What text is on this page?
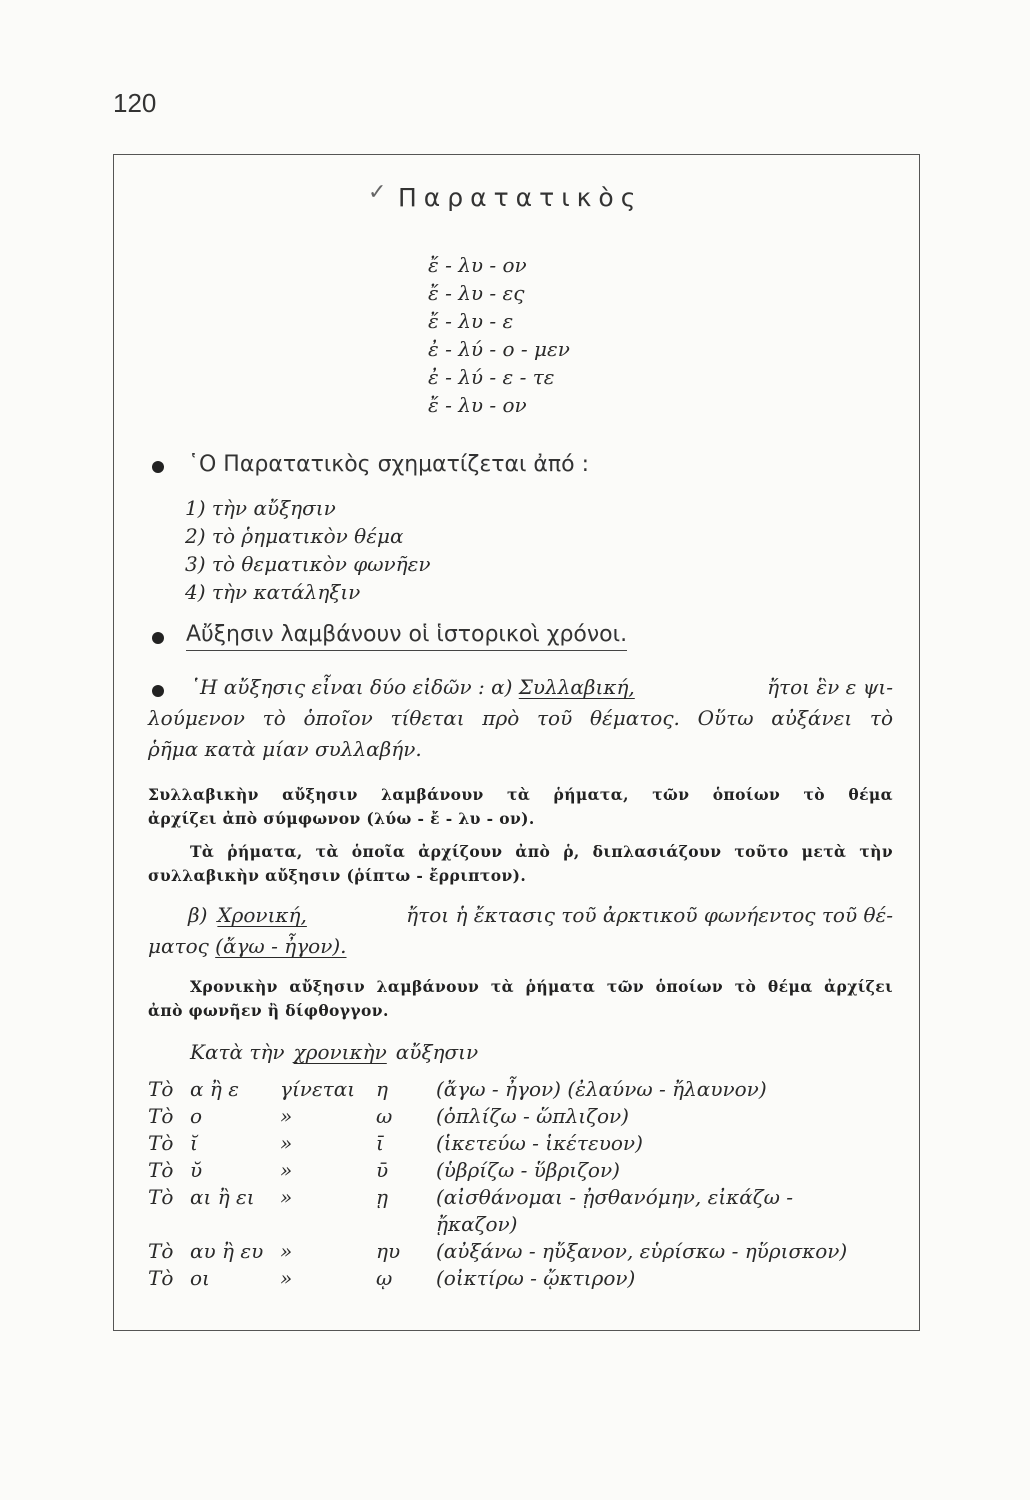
120
✓ Παρατατικὸς
ἔ - λυ - ον
ἔ - λυ - ες
ἔ - λυ - ε
ἐ - λύ - ο - μεν
ἐ - λύ - ε - τε
ἔ - λυ - ον
῾Ο Παρατατικὸς σχηματίζεται ἀπό :
1) τὴν αὔξησιν
2) τὸ ῥηματικὸν θέμα
3) τὸ θεματικὸν φωνῆεν
4) τὴν κατάληξιν
Αὔξησιν λαμβάνουν οἱ ἱστορικοὶ χρόνοι.
῾Η αὔξησις εἶναι δύο εἰδῶν : α) Συλλαβική,	ἤτοι ἓν ε ψι-
λούμενον τὸ ὁποῖον τίθεται πρὸ τοῦ θέματος. Οὕτω αὐξάνει τὸ
ῥῆμα κατὰ μίαν συλλαβήν.
Συλλαβικὴν αὔξησιν λαμβάνουν τὰ ῥήματα, τῶν ὁποίων τὸ θέμα
ἀρχίζει ἀπὸ σύμφωνον (λύω - ἔ - λυ - ον).
Τὰ ῥήματα, τὰ ὁποῖα ἀρχίζουν ἀπὸ ῥ, διπλασιάζουν τοῦτο μετὰ τὴν
συλλαβικὴν αὔξησιν (ῥίπτω - ἔρριπτον).
β) Χρονική,	ἤτοι ἡ ἔκτασις τοῦ ἀρκτικοῦ φωνήεντος τοῦ θέ-
ματος (ἄγω - ἦγον).
Χρονικὴν αὔξησιν λαμβάνουν τὰ ῥήματα τῶν ὁποίων τὸ θέμα ἀρχίζει
ἀπὸ φωνῆεν ἢ δίφθογγον.
Κατὰ τὴν χρονικὴν αὔξησιν
Τὸ	α ἢ ε	γίνεται	η	(ἄγω - ἦγον) (ἐλαύνω - ἤλαυνον)
Τὸ	ο	»	ω	(ὁπλίζω - ὥπλιζον)
Τὸ	ῐ	»	ῑ	(ἱκετεύω - ἱκέτευον)
Τὸ	ῠ	»	ῡ	(ὑβρίζω - ὕβριζον)
Τὸ	αι ἢ ει	»	ῃ	(αἰσθάνομαι - ᾐσθανόμην, εἰκάζω -
				ᾔκαζον)
Τὸ	αυ ἢ ευ	»	ηυ	(αὐξάνω - ηὔξανον, εὑρίσκω - ηὕρισκον)
Τὸ	οι	»	ῳ	(οἰκτίρω - ᾤκτιρον)
